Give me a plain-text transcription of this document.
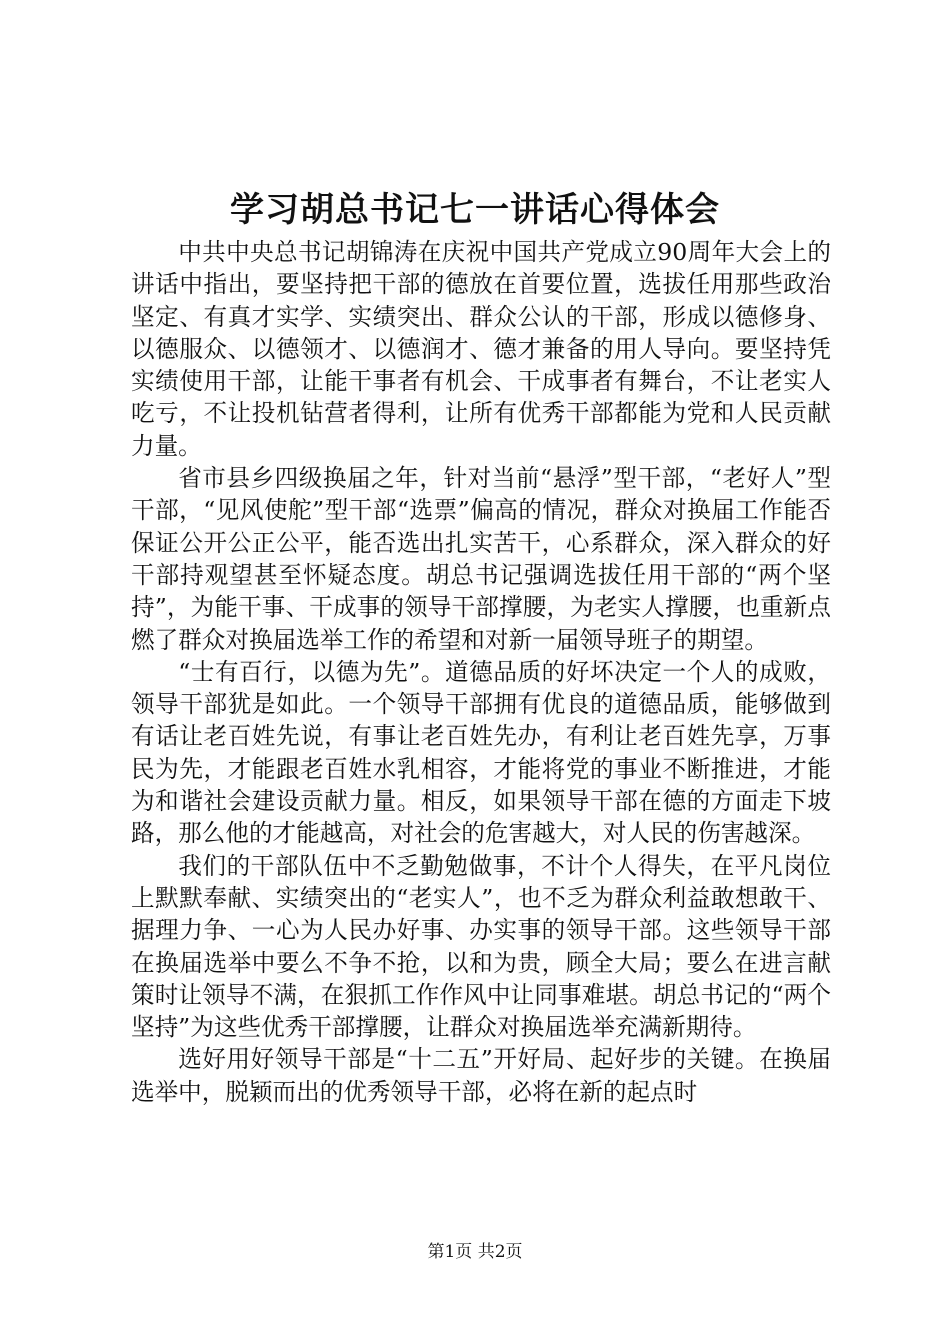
学习胡总书记七一讲话心得体会

中共中央总书记胡锦涛在庆祝中国共产党成立90周年大会上的讲话中指出，要坚持把干部的德放在首要位置，选拔任用那些政治坚定、有真才实学、实绩突出、群众公认的干部，形成以德修身、以德服众、以德领才、以德润才、德才兼备的用人导向。要坚持凭实绩使用干部，让能干事者有机会、干成事者有舞台，不让老实人吃亏，不让投机钻营者得利，让所有优秀干部都能为党和人民贡献力量。

省市县乡四级换届之年，针对当前“悬浮”型干部，“老好人”型干部，“见风使舵”型干部“选票”偏高的情况，群众对换届工作能否保证公开公正公平，能否选出扎实苦干，心系群众，深入群众的好干部持观望甚至怀疑态度。胡总书记强调选拔任用干部的“两个坚持”，为能干事、干成事的领导干部撑腰，为老实人撑腰，也重新点燃了群众对换届选举工作的希望和对新一届领导班子的期望。

“士有百行，以德为先”。道德品质的好坏决定一个人的成败，领导干部犹是如此。一个领导干部拥有优良的道德品质，能够做到有话让老百姓先说，有事让老百姓先办，有利让老百姓先享，万事民为先，才能跟老百姓水乳相容，才能将党的事业不断推进，才能为和谐社会建设贡献力量。相反，如果领导干部在德的方面走下坡路，那么他的才能越高，对社会的危害越大，对人民的伤害越深。

我们的干部队伍中不乏勤勉做事，不计个人得失，在平凡岗位上默默奉献、实绩突出的“老实人”，也不乏为群众利益敢想敢干、据理力争、一心为人民办好事、办实事的领导干部。这些领导干部在换届选举中要么不争不抢，以和为贵，顾全大局；要么在进言献策时让领导不满，在狠抓工作作风中让同事难堪。胡总书记的“两个坚持”为这些优秀干部撑腰，让群众对换届选举充满新期待。

选好用好领导干部是“十二五”开好局、起好步的关键。在换届选举中，脱颖而出的优秀领导干部，必将在新的起点时

第1页 共2页
